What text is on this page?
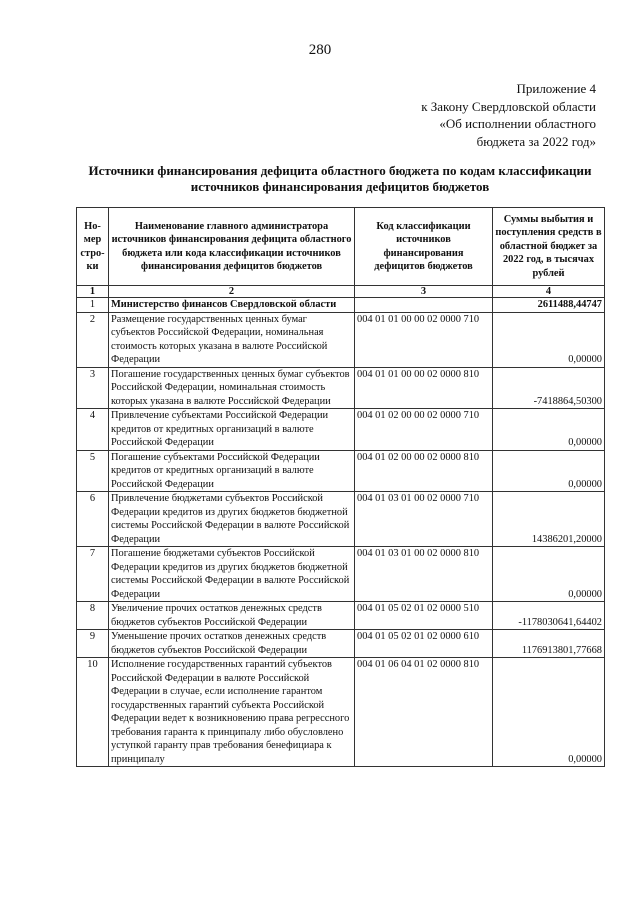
280
Приложение 4
к Закону Свердловской области
«Об исполнении областного
бюджета за 2022 год»
Источники финансирования дефицита областного бюджета по кодам классификации
источников финансирования дефицитов бюджетов
Но-мер стро-ки	Наименование главного администратора источников финансирования дефицита областного бюджета или кода классификации источников финансирования дефицитов бюджетов	Код классификации источников финансирования дефицитов бюджетов	Суммы выбытия и поступления средств в областной бюджет за 2022 год, в тысячах рублей
1	2	3	4
1	Министерство финансов Свердловской области		2611488,44747
2	Размещение государственных ценных бумаг субъектов Российской Федерации, номинальная стоимость которых указана в валюте Российской Федерации	004 01 01 00 00 02 0000 710	0,00000
3	Погашение государственных ценных бумаг субъектов Российской Федерации, номинальная стоимость которых указана в валюте Российской Федерации	004 01 01 00 00 02 0000 810	-7418864,50300
4	Привлечение субъектами Российской Федерации кредитов от кредитных организаций в валюте Российской Федерации	004 01 02 00 00 02 0000 710	0,00000
5	Погашение субъектами Российской Федерации кредитов от кредитных организаций в валюте Российской Федерации	004 01 02 00 00 02 0000 810	0,00000
6	Привлечение бюджетами субъектов Российской Федерации кредитов из других бюджетов бюджетной системы Российской Федерации в валюте Российской Федерации	004 01 03 01 00 02 0000 710	14386201,20000
7	Погашение бюджетами субъектов Российской Федерации кредитов из других бюджетов бюджетной системы Российской Федерации в валюте Российской Федерации	004 01 03 01 00 02 0000 810	0,00000
8	Увеличение прочих остатков денежных средств бюджетов субъектов Российской Федерации	004 01 05 02 01 02 0000 510	-1178030641,64402
9	Уменьшение прочих остатков денежных средств бюджетов субъектов Российской Федерации	004 01 05 02 01 02 0000 610	1176913801,77668
10	Исполнение государственных гарантий субъектов Российской Федерации в валюте Российской Федерации в случае, если исполнение гарантом государственных гарантий субъекта Российской Федерации ведет к возникновению права регрессного требования гаранта к принципалу либо обусловлено уступкой гаранту прав требования бенефициара к принципалу	004 01 06 04 01 02 0000 810	0,00000
